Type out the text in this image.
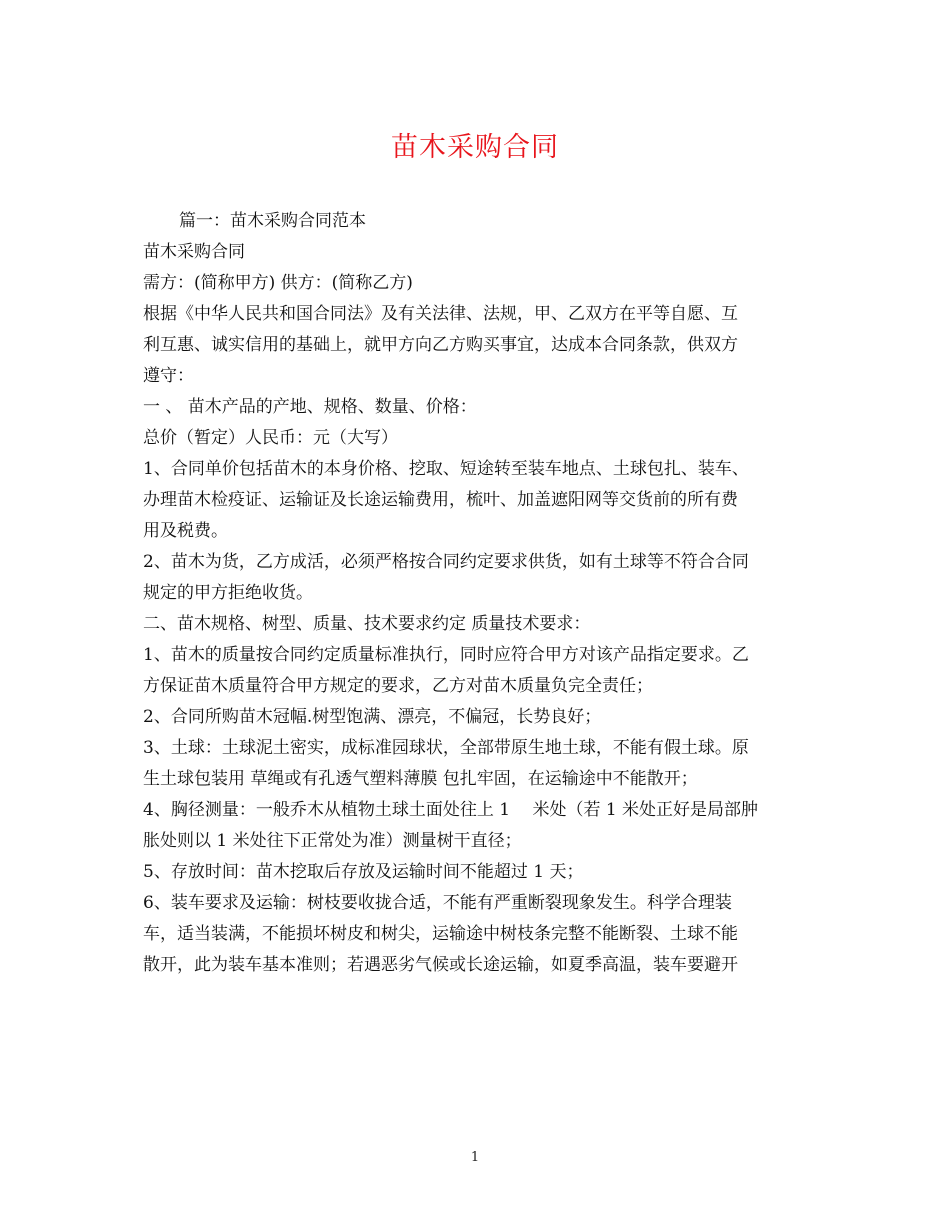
苗木采购合同

篇一：苗木采购合同范本

苗木采购合同

需方：(简称甲方) 供方：(简称乙方)

根据《中华人民共和国合同法》及有关法律、法规，甲、乙双方在平等自愿、互

利互惠、诚实信用的基础上，就甲方向乙方购买事宜，达成本合同条款，供双方

遵守：

一 、 苗木产品的产地、规格、数量、价格：

总价（暂定）人民币：元（大写）

1、合同单价包括苗木的本身价格、挖取、短途转至装车地点、土球包扎、装车、

办理苗木检疫证、运输证及长途运输费用，梳叶、加盖遮阳网等交货前的所有费

用及税费。

2、苗木为货，乙方成活，必须严格按合同约定要求供货，如有土球等不符合合同

规定的甲方拒绝收货。

二、苗木规格、树型、质量、技术要求约定 质量技术要求：

1、苗木的质量按合同约定质量标准执行，同时应符合甲方对该产品指定要求。乙

方保证苗木质量符合甲方规定的要求，乙方对苗木质量负完全责任；

2、合同所购苗木冠幅.树型饱满、漂亮，不偏冠，长势良好；

3、土球：土球泥土密实，成标准园球状，全部带原生地土球，不能有假土球。原

生土球包装用 草绳或有孔透气塑料薄膜 包扎牢固，在运输途中不能散开；

4、胸径测量：一般乔木从植物土球土面处往上 1　 米处（若 1 米处正好是局部肿

胀处则以 1 米处往下正常处为准）测量树干直径；

5、存放时间：苗木挖取后存放及运输时间不能超过 1 天；

6、装车要求及运输：树枝要收拢合适，不能有严重断裂现象发生。科学合理装

车，适当装满，不能损坏树皮和树尖，运输途中树枝条完整不能断裂、土球不能

散开，此为装车基本准则；若遇恶劣气候或长途运输，如夏季高温，装车要避开

1
